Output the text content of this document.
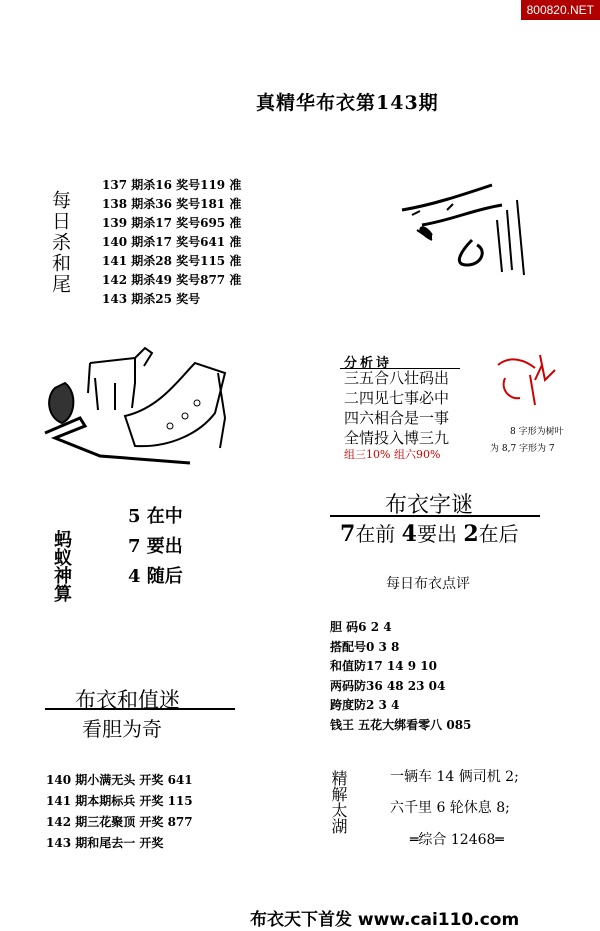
800820.NET
真精华布衣第143期
每日杀和尾
137 期杀16 奖号119 准
138 期杀36 奖号181 准
139 期杀17 奖号695 准
140 期杀17 奖号641 准
141 期杀28 奖号115 准
142 期杀49 奖号877 准
143 期杀25 奖号
分析诗
三五合八壮码出
二四见七事必中
四六相合是一事
全情投入博三九
组三10% 组六90%
8 字形为树叶
为 8,7 字形为 7
5 在中
7 要出
4 随后
蚂蚁神算
布衣字谜
7在前 4要出 2在后
每日布衣点评
胆 码6 2 4
搭配号0 3 8
和值防17 14 9 10
两码防36 48 23 04
跨度防2 3 4
钱王 五花大绑看零八 085
布衣和值迷
看胆为奇
140 期小满无头 开奖 641
141 期本期标兵 开奖 115
142 期三花聚顶 开奖 877
143 期和尾去一 开奖
精解太湖	一辆车 14 俩司机 2;
六千里 6 轮休息 8;
═综合 12468═
布衣天下首发 www.cai110.com
